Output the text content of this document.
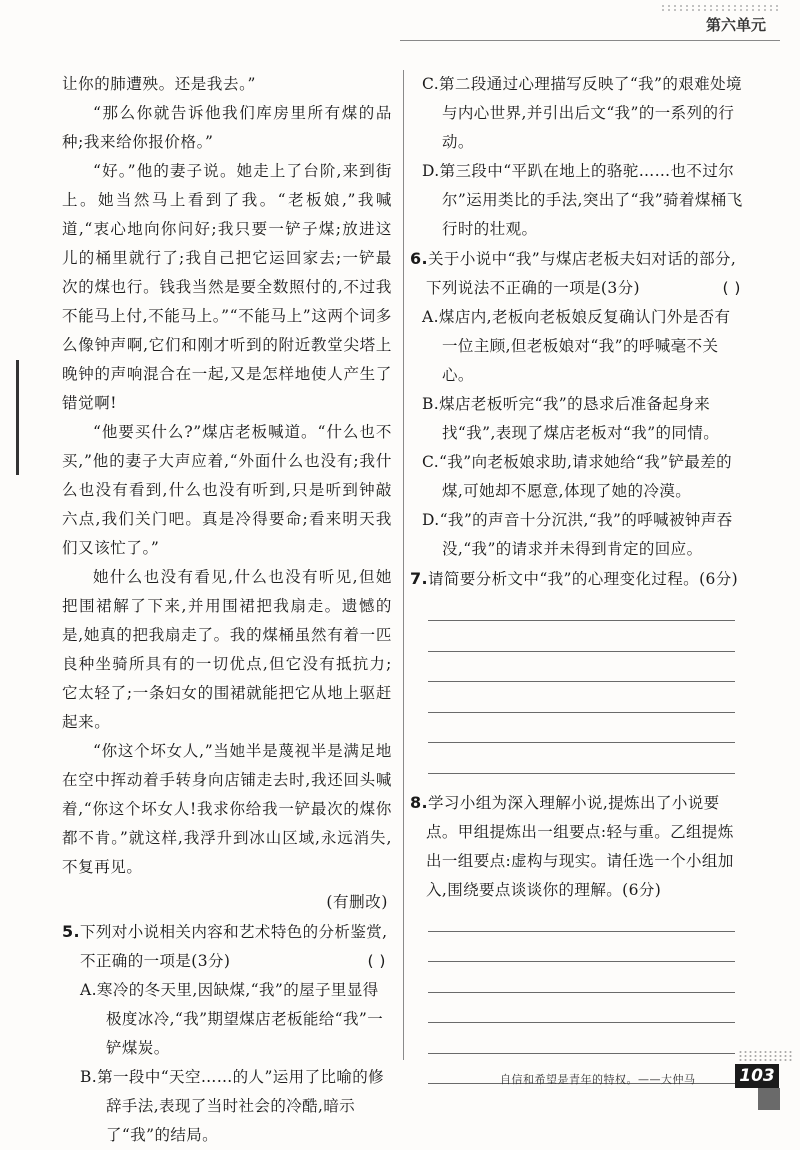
第六单元

让你的肺遭殃。还是我去。”

“那么你就告诉他我们库房里所有煤的品种;我来给你报价格。”

“好。”他的妻子说。她走上了台阶,来到街上。她当然马上看到了我。“老板娘,”我喊道,“衷心地向你问好;我只要一铲子煤;放进这儿的桶里就行了;我自己把它运回家去;一铲最次的煤也行。钱我当然是要全数照付的,不过我不能马上付,不能马上。”“不能马上”这两个词多么像钟声啊,它们和刚才听到的附近教堂尖塔上晚钟的声响混合在一起,又是怎样地使人产生了错觉啊!

“他要买什么?”煤店老板喊道。“什么也不买,”他的妻子大声应着,“外面什么也没有;我什么也没有看到,什么也没有听到,只是听到钟敲六点,我们关门吧。真是冷得要命;看来明天我们又该忙了。”

她什么也没有看见,什么也没有听见,但她把围裙解了下来,并用围裙把我扇走。遗憾的是,她真的把我扇走了。我的煤桶虽然有着一匹良种坐骑所具有的一切优点,但它没有抵抗力;它太轻了;一条妇女的围裙就能把它从地上驱赶起来。

“你这个坏女人,”当她半是蔑视半是满足地在空中挥动着手转身向店铺走去时,我还回头喊着,“你这个坏女人!我求你给我一铲最次的煤你都不肯。”就这样,我浮升到冰山区域,永远消失,不复再见。

(有删改)

5.下列对小说相关内容和艺术特色的分析鉴赏,不正确的一项是(3分)	( )

A.寒冷的冬天里,因缺煤,“我”的屋子里显得极度冰冷,“我”期望煤店老板能给“我”一铲煤炭。

B.第一段中“天空……的人”运用了比喻的修辞手法,表现了当时社会的冷酷,暗示了“我”的结局。

C.第二段通过心理描写反映了“我”的艰难处境与内心世界,并引出后文“我”的一系列的行动。

D.第三段中“平趴在地上的骆驼……也不过尔尔”运用类比的手法,突出了“我”骑着煤桶飞行时的壮观。

6.关于小说中“我”与煤店老板夫妇对话的部分,下列说法不正确的一项是(3分)	( )

A.煤店内,老板向老板娘反复确认门外是否有一位主顾,但老板娘对“我”的呼喊毫不关心。

B.煤店老板听完“我”的恳求后准备起身来找“我”,表现了煤店老板对“我”的同情。

C.“我”向老板娘求助,请求她给“我”铲最差的煤,可她却不愿意,体现了她的冷漠。

D.“我”的声音十分沉洪,“我”的呼喊被钟声吞没,“我”的请求并未得到肯定的回应。

7.请简要分析文中“我”的心理变化过程。(6分)

8.学习小组为深入理解小说,提炼出了小说要点。甲组提炼出一组要点:轻与重。乙组提炼出一组要点:虚构与现实。请任选一个小组加入,围绕要点谈谈你的理解。(6分)

自信和希望是青年的特权。——大仲马	103
